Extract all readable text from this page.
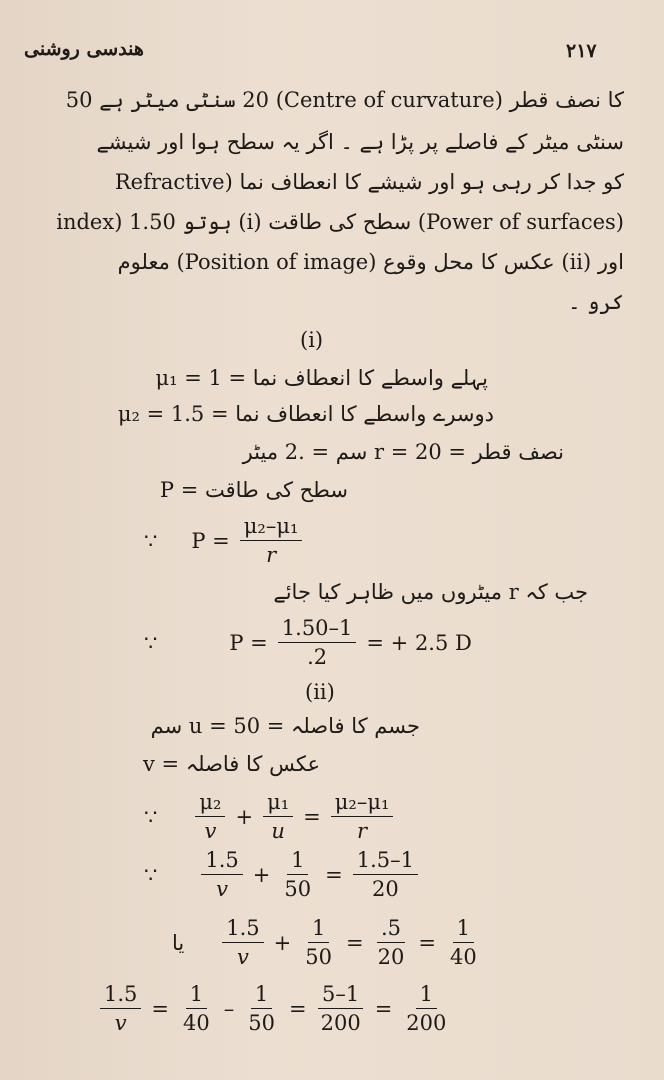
هندسی روشنی	۲۱۷
کا نصف قطر (Centre of curvature) 20 سنٹی میٹر ہے 50
سنٹی میٹر کے فاصلے پر پڑا ہے ۔ اگر یہ سطح ہوا اور شیشے
کو جدا کر رہی ہو اور شیشے کا انعطاف نما (Refractive
index) 1.50 ہوتو (i) سطح کی طاقت (Power of surfaces)
اور (ii) عکس کا محل وقوع (Position of image) معلوم
کرو ۔
(i)
پہلے واسطے کا انعطاف نما = μ₁ = 1
دوسرے واسطے کا انعطاف نما = μ₂ = 1.5
نصف قطر = r = 20 سم = .2 میٹر
سطح کی طاقت = P
∵ $P = \frac{\text{μ₂–μ₁}}{r}$
جب کہ r میٹروں میں ظاہر کیا جائے
∵	$P = \frac{1.50-1}{.2}$ = + 2.5 D
(ii)
جسم کا فاصلہ = u = 50 سم
عکس کا فاصلہ = v
∵ $\frac{\text{μ₂}}{v} + \frac{\text{μ₁}}{u} = \frac{\text{μ₂–μ₁}}{r}$
∵ $\frac{1.5}{v} + \frac{1}{50} = \frac{1.5-1}{20}$
یا $\frac{1.5}{v} + \frac{1}{50} = \frac{.5}{20} = \frac{1}{40}$
$\frac{1.5}{v} = \frac{1}{40} - \frac{1}{50} = \frac{5-1}{200} = \frac{1}{200}$
